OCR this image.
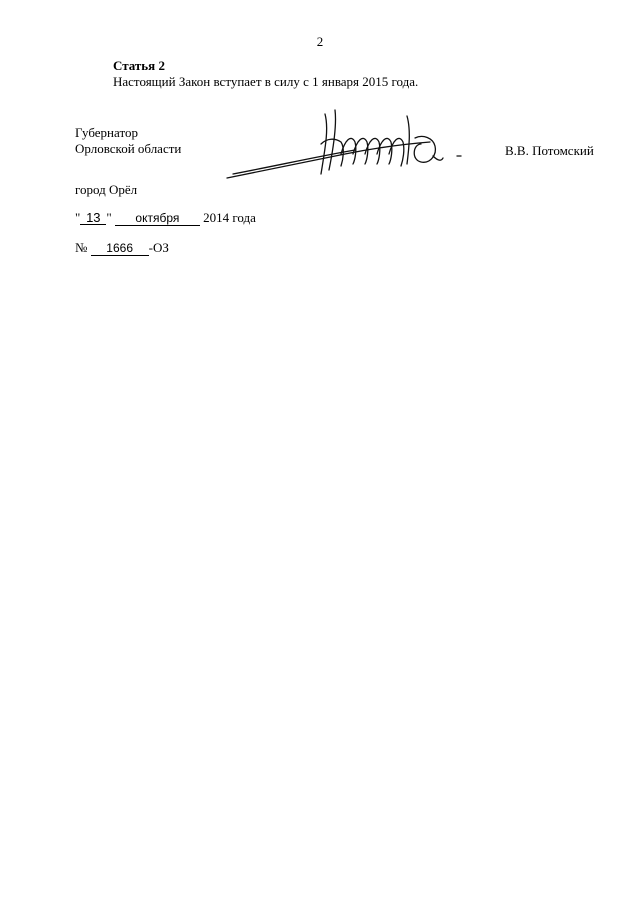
2
Статья 2
Настоящий Закон вступает в силу с 1 января 2015 года.
Губернатор
Орловской области	В.В. Потомский
город Орёл
" 13 " октября 2014 года
№ 1666 -ОЗ
